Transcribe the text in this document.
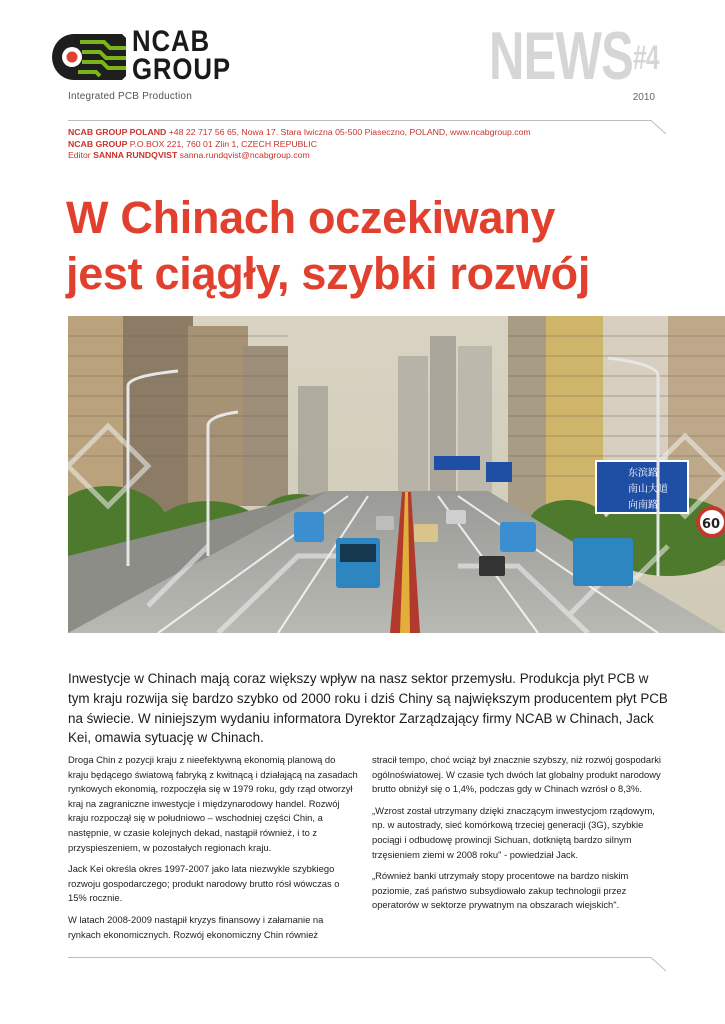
NCAB
GROUP
Integrated PCB Production
NEWS$^{\#4}$
2010
NCAB GROUP POLAND +48 22 717 56 65, Nowa 17. Stara Iwiczna 05-500 Piaseczno, POLAND, www.ncabgroup.com
NCAB GROUP P.O.BOX 221, 760 01 Zlin 1, CZECH REPUBLIC
Editor SANNA RUNDQVIST sanna.rundqvist@ncabgroup.com
W Chinach oczekiwany
jest ciągły, szybki rozwój
东滨路
南山大道
向南路
60

Inwestycje w Chinach mają coraz większy wpływ na nasz sektor przemysłu. Produkcja płyt PCB w tym kraju rozwija się bardzo szybko od 2000 roku i dziś Chiny są największym producentem płyt PCB na świecie. W niniejszym wydaniu informatora Dyrektor Zarządzający firmy NCAB w Chinach, Jack Kei, omawia sytuację w Chinach.

Droga Chin z pozycji kraju z nieefektywną ekonomią planową do kraju będącego światową fabryką z kwitnącą i działającą na zasadach rynkowych ekonomią, rozpoczęła się w 1979 roku, gdy rząd otworzył kraj na zagraniczne inwestycje i międzynarodowy handel. Rozwój kraju rozpoczął się w południowo – wschodniej części Chin, a następnie, w czasie kolejnych dekad, nastąpił również, i to z przyspieszeniem, w pozostałych regionach kraju.

Jack Kei określa okres 1997-2007 jako lata niezwykle szybkiego rozwoju gospodarczego; produkt narodowy brutto rósł wówczas o 15% rocznie.

W latach 2008-2009 nastąpił kryzys finansowy i załamanie na rynkach ekonomicznych. Rozwój ekonomiczny Chin również

stracił tempo, choć wciąż był znacznie szybszy, niż rozwój gospodarki ogólnoświatowej. W czasie tych dwóch lat globalny produkt narodowy brutto obniżył się o 1,4%, podczas gdy w Chinach wzrósł o 8,3%.

„Wzrost został utrzymany dzięki znaczącym inwestycjom rządowym, np. w autostrady, sieć komórkową trzeciej generacji (3G), szybkie pociągi i odbudowę prowincji Sichuan, dotkniętą bardzo silnym trzęsieniem ziemi w 2008 roku" - powiedział Jack.

„Również banki utrzymały stopy procentowe na bardzo niskim poziomie, zaś państwo subsydiowało zakup technologii przez operatorów w sektorze prywatnym na obszarach wiejskich".
